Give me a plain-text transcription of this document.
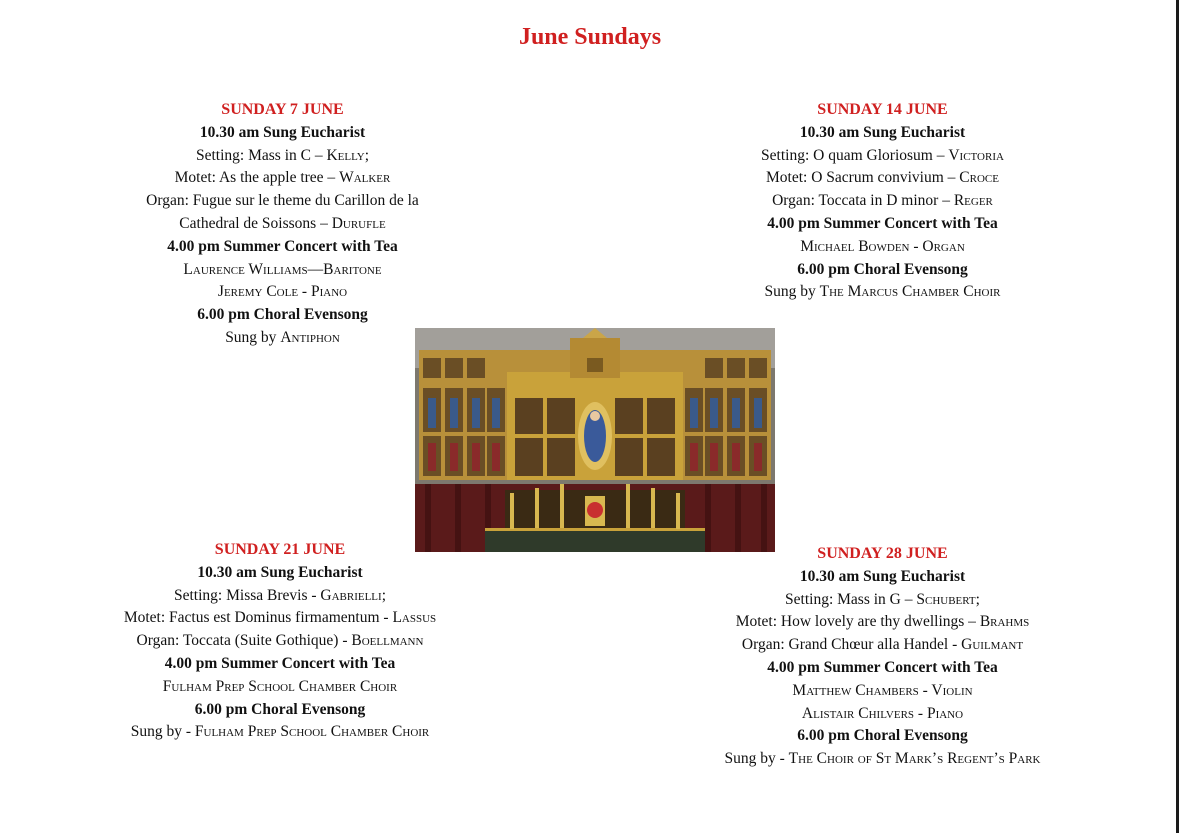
June Sundays
SUNDAY 7 JUNE
10.30 am Sung Eucharist
Setting: Mass in C – Kelly;
Motet: As the apple tree – Walker
Organ: Fugue sur le theme du Carillon de la
Cathedral de Soissons – Durufle
4.00 pm Summer Concert with Tea
Laurence Williams—Baritone
Jeremy Cole - Piano
6.00 pm Choral Evensong
Sung by Antiphon
SUNDAY 14 JUNE
10.30 am Sung Eucharist
Setting: O quam Gloriosum – Victoria
Motet: O Sacrum convivium – Croce
Organ: Toccata in D minor – Reger
4.00 pm Summer Concert with Tea
Michael Bowden - Organ
6.00 pm Choral Evensong
Sung by The Marcus Chamber Choir
SUNDAY 21 JUNE
10.30 am Sung Eucharist
Setting: Missa Brevis - Gabrielli;
Motet: Factus est Dominus firmamentum - Lassus
Organ: Toccata (Suite Gothique) - Boellmann
4.00 pm Summer Concert with Tea
Fulham Prep School Chamber Choir
6.00 pm Choral Evensong
Sung by - Fulham Prep School Chamber Choir
SUNDAY 28 JUNE
10.30 am Sung Eucharist
Setting: Mass in G – Schubert;
Motet: How lovely are thy dwellings – Brahms
Organ: Grand Chœur alla Handel - Guilmant
4.00 pm Summer Concert with Tea
Matthew Chambers - Violin
Alistair Chilvers - Piano
6.00 pm Choral Evensong
Sung by - The Choir of St Mark’s Regent’s Park
